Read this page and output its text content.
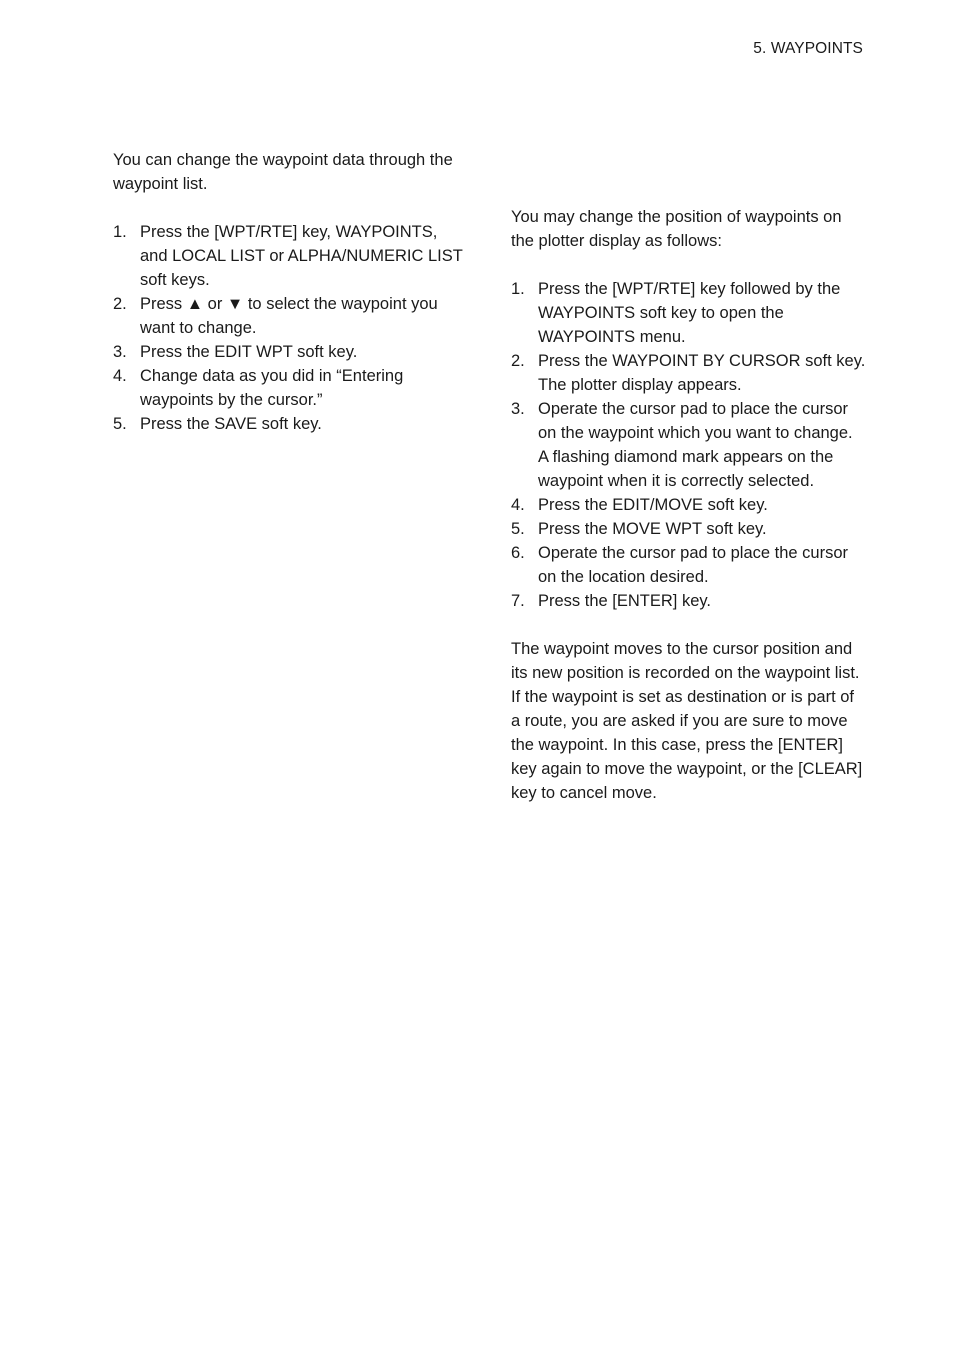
5. WAYPOINTS

You can change the waypoint data through the waypoint list.

1. Press the [WPT/RTE] key, WAYPOINTS, and LOCAL LIST or ALPHA/NUMERIC LIST soft keys.
2. Press ▲ or ▼ to select the waypoint you want to change.
3. Press the EDIT WPT soft key.
4. Change data as you did in “Entering waypoints by the cursor.”
5. Press the SAVE soft key.

You may change the position of waypoints on the plotter display as follows:

1. Press the [WPT/RTE] key followed by the WAYPOINTS soft key to open the WAYPOINTS menu.
2. Press the WAYPOINT BY CURSOR soft key. The plotter display appears.
3. Operate the cursor pad to place the cursor on the waypoint which you want to change. A flashing diamond mark appears on the waypoint when it is correctly selected.
4. Press the EDIT/MOVE soft key.
5. Press the MOVE WPT soft key.
6. Operate the cursor pad to place the cursor on the location desired.
7. Press the [ENTER] key.

The waypoint moves to the cursor position and its new position is recorded on the waypoint list. If the waypoint is set as destination or is part of a route, you are asked if you are sure to move the waypoint. In this case, press the [ENTER] key again to move the waypoint, or the [CLEAR] key to cancel move.
